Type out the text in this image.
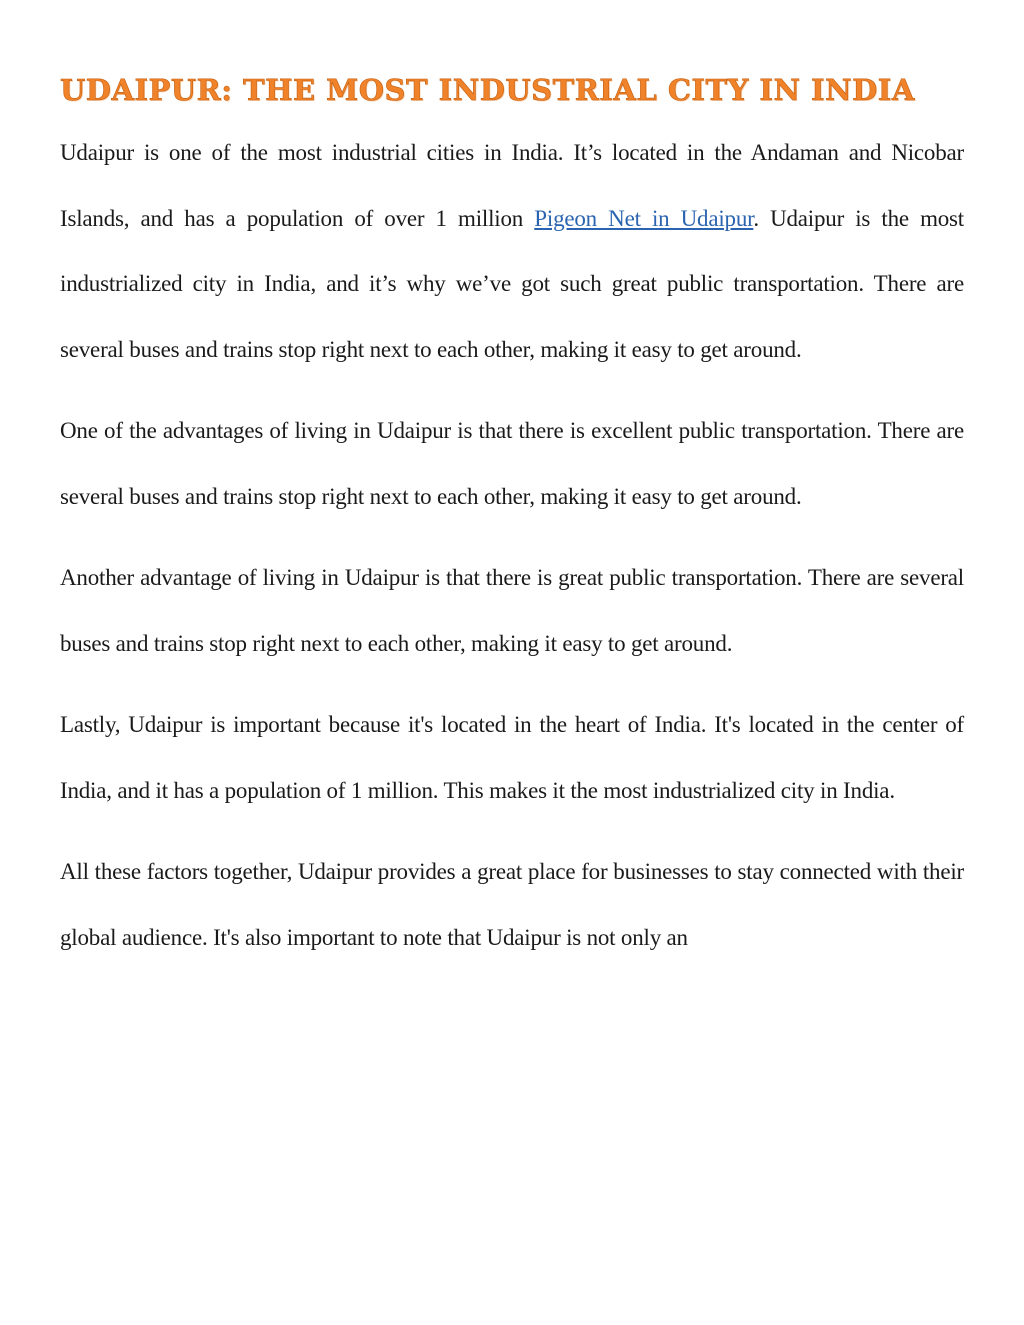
UDAIPUR: THE MOST INDUSTRIAL CITY IN INDIA

Udaipur is one of the most industrial cities in India. It’s located in the Andaman and Nicobar Islands, and has a population of over 1 million Pigeon Net in Udaipur. Udaipur is the most industrialized city in India, and it’s why we’ve got such great public transportation. There are several buses and trains stop right next to each other, making it easy to get around.

One of the advantages of living in Udaipur is that there is excellent public transportation. There are several buses and trains stop right next to each other, making it easy to get around.

Another advantage of living in Udaipur is that there is great public transportation. There are several buses and trains stop right next to each other, making it easy to get around.

Lastly, Udaipur is important because it's located in the heart of India. It's located in the center of India, and it has a population of 1 million. This makes it the most industrialized city in India.

All these factors together, Udaipur provides a great place for businesses to stay connected with their global audience. It's also important to note that Udaipur is not only an
